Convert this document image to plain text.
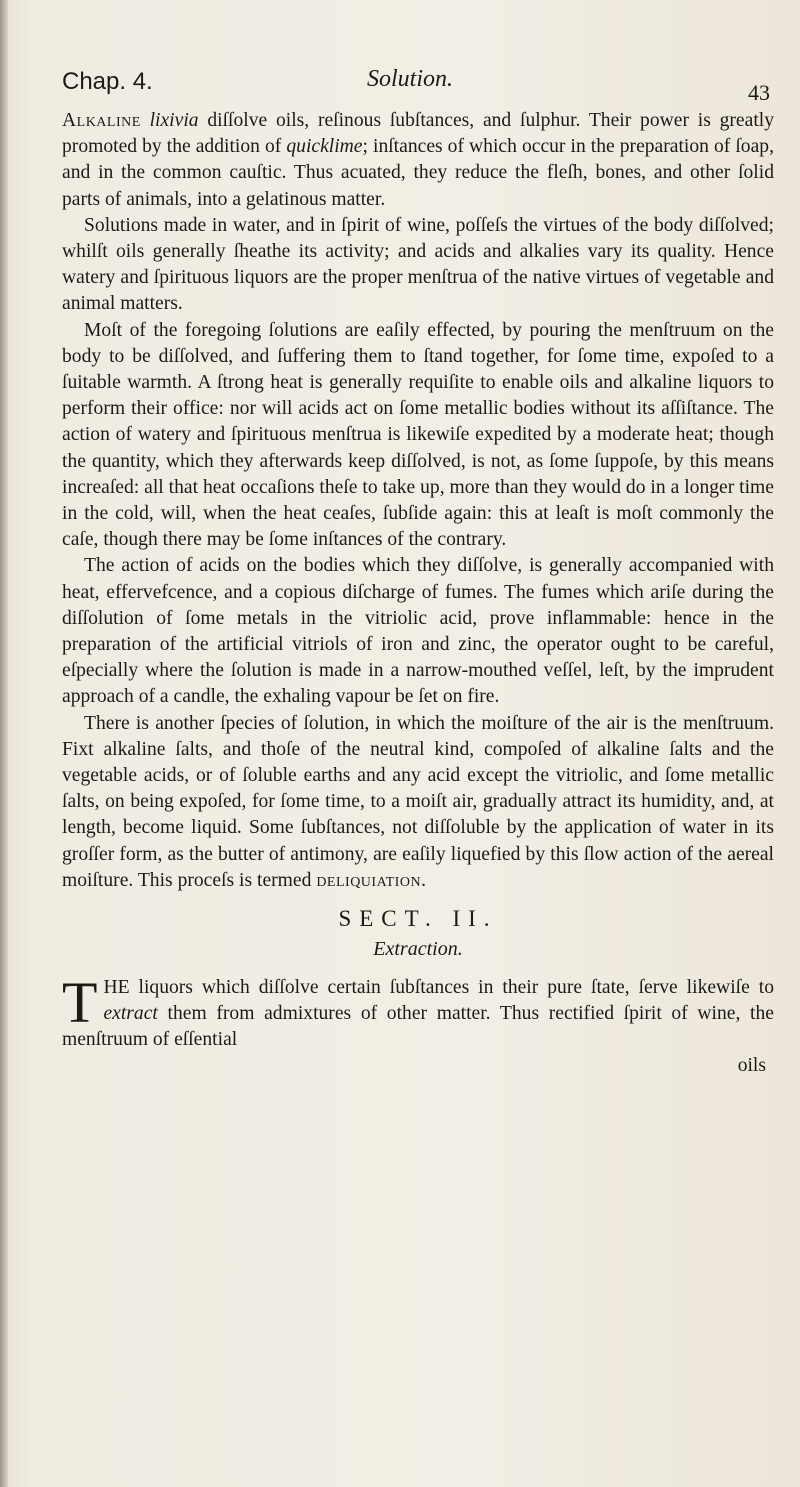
Chap. 4.	Solution.
43

Alkaline lixivia diſſolve oils, reſinous ſubſtances, and ſulphur. Their power is greatly promoted by the addition of quicklime; inſtances of which occur in the preparation of ſoap, and in the common cauſtic. Thus acuated, they reduce the fleſh, bones, and other ſolid parts of animals, into a gelatinous matter.

Solutions made in water, and in ſpirit of wine, poſſeſs the virtues of the body diſſolved; whilſt oils generally ſheathe its activity; and acids and alkalies vary its quality. Hence watery and ſpirituous liquors are the proper menſtrua of the native virtues of vegetable and animal matters.

Moſt of the foregoing ſolutions are eaſily effected, by pouring the menſtruum on the body to be diſſolved, and ſuffering them to ſtand together, for ſome time, expoſed to a ſuitable warmth. A ſtrong heat is generally requiſite to enable oils and alkaline liquors to perform their office: nor will acids act on ſome metallic bodies without its aſſiſtance. The action of watery and ſpirituous menſtrua is likewiſe expedited by a moderate heat; though the quantity, which they afterwards keep diſſolved, is not, as ſome ſuppoſe, by this means increaſed: all that heat occaſions theſe to take up, more than they would do in a longer time in the cold, will, when the heat ceaſes, ſubſide again: this at leaſt is moſt commonly the caſe, though there may be ſome inſtances of the contrary.

The action of acids on the bodies which they diſſolve, is generally accompanied with heat, effervefcence, and a copious diſcharge of fumes. The fumes which ariſe during the diſſolution of ſome metals in the vitriolic acid, prove inflammable: hence in the preparation of the artificial vitriols of iron and zinc, the operator ought to be careful, eſpecially where the ſolution is made in a narrow-mouthed veſſel, leſt, by the imprudent approach of a candle, the exhaling vapour be ſet on fire.

There is another ſpecies of ſolution, in which the moiſture of the air is the menſtruum. Fixt alkaline ſalts, and thoſe of the neutral kind, compoſed of alkaline ſalts and the vegetable acids, or of ſoluble earths and any acid except the vitriolic, and ſome metallic ſalts, on being expoſed, for ſome time, to a moiſt air, gradually attract its humidity, and, at length, become liquid. Some ſubſtances, not diſſoluble by the application of water in its groſſer form, as the butter of antimony, are eaſily liquefied by this ſlow action of the aereal moiſture. This proceſs is termed deliquiation.

SECT. II.
Extraction.

THE liquors which diſſolve certain ſubſtances in their pure ſtate, ſerve likewiſe to extract them from admixtures of other matter. Thus rectified ſpirit of wine, the menſtruum of eſſential

oils
